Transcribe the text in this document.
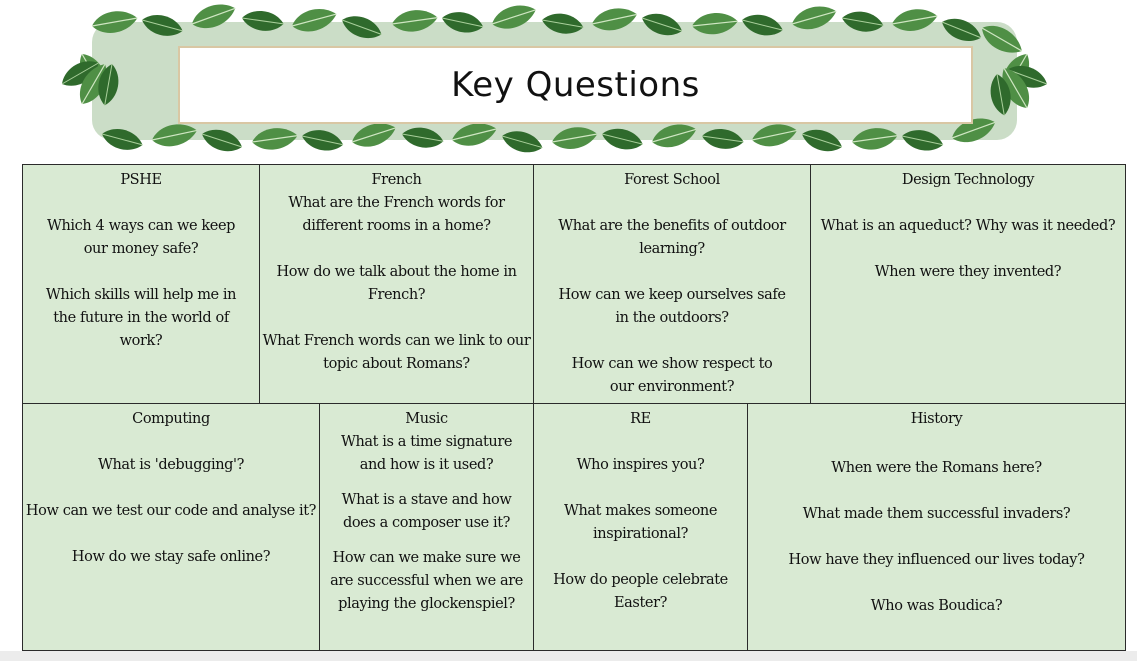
Key Questions
PSHE
Which 4 ways can we keep our money safe?
Which skills will help me in the future in the world of work?
French
What are the French words for different rooms in a home?
How do we talk about the home in French?
What French words can we link to our topic about Romans?
Forest School
What are the benefits of outdoor learning?
How can we keep ourselves safe in the outdoors?
How can we show respect to our environment?
Design Technology
What is an aqueduct? Why was it needed?
When were they invented?
Computing
What is 'debugging'?
How can we test our code and analyse it?
How do we stay safe online?
Music
What is a time signature and how is it used?
What is a stave and how does a composer use it?
How can we make sure we are successful when we are playing the glockenspiel?
RE
Who inspires you?
What makes someone inspirational?
How do people celebrate Easter?
History
When were the Romans here?
What made them successful invaders?
How have they influenced our lives today?
Who was Boudica?
